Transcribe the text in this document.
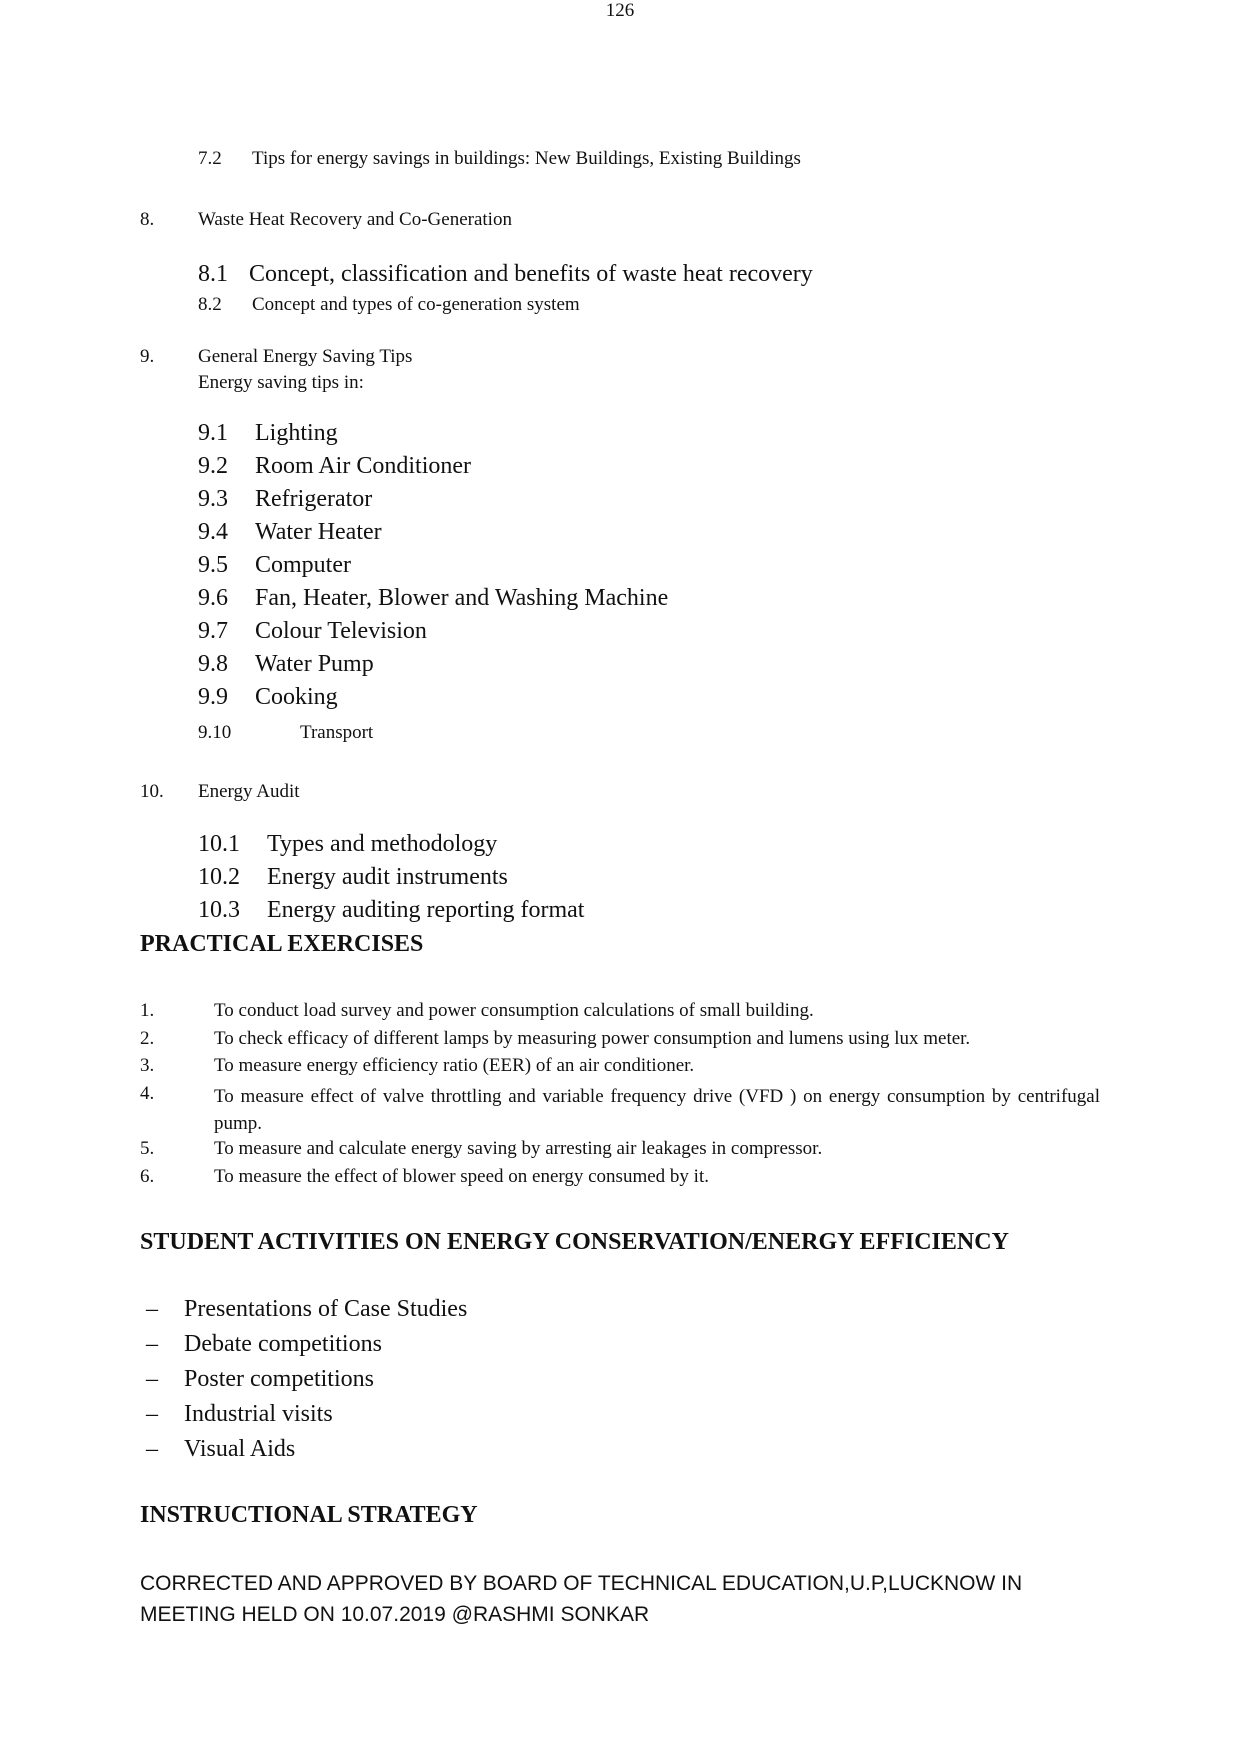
126
7.2 Tips for energy savings in buildings: New Buildings, Existing Buildings
8. Waste Heat Recovery and Co-Generation
8.1 Concept, classification and benefits of waste heat recovery
8.2 Concept and types of co-generation system
9. General Energy Saving Tips
Energy saving tips in:
9.1 Lighting
9.2 Room Air Conditioner
9.3 Refrigerator
9.4 Water Heater
9.5 Computer
9.6 Fan, Heater, Blower and Washing Machine
9.7 Colour Television
9.8 Water Pump
9.9 Cooking
9.10	Transport
10. Energy Audit
10.1 Types and methodology
10.2 Energy audit instruments
10.3 Energy auditing reporting format
PRACTICAL EXERCISES
1.	To conduct load survey and power consumption calculations of small building.
2.	To check efficacy of different lamps by measuring power consumption and lumens using lux meter.
3.	To measure energy efficiency ratio (EER) of an air conditioner.
4.	To measure effect of valve throttling and variable frequency drive (VFD ) on energy consumption by centrifugal pump.
5.	To measure and calculate energy saving by arresting air leakages in compressor.
6.	To measure the effect of blower speed on energy consumed by it.
STUDENT ACTIVITIES ON ENERGY CONSERVATION/ENERGY EFFICIENCY
– Presentations of Case Studies
– Debate competitions
– Poster competitions
– Industrial visits
– Visual Aids
INSTRUCTIONAL STRATEGY
CORRECTED AND APPROVED BY BOARD OF TECHNICAL EDUCATION,U.P,LUCKNOW IN
MEETING HELD ON 10.07.2019 @RASHMI SONKAR
